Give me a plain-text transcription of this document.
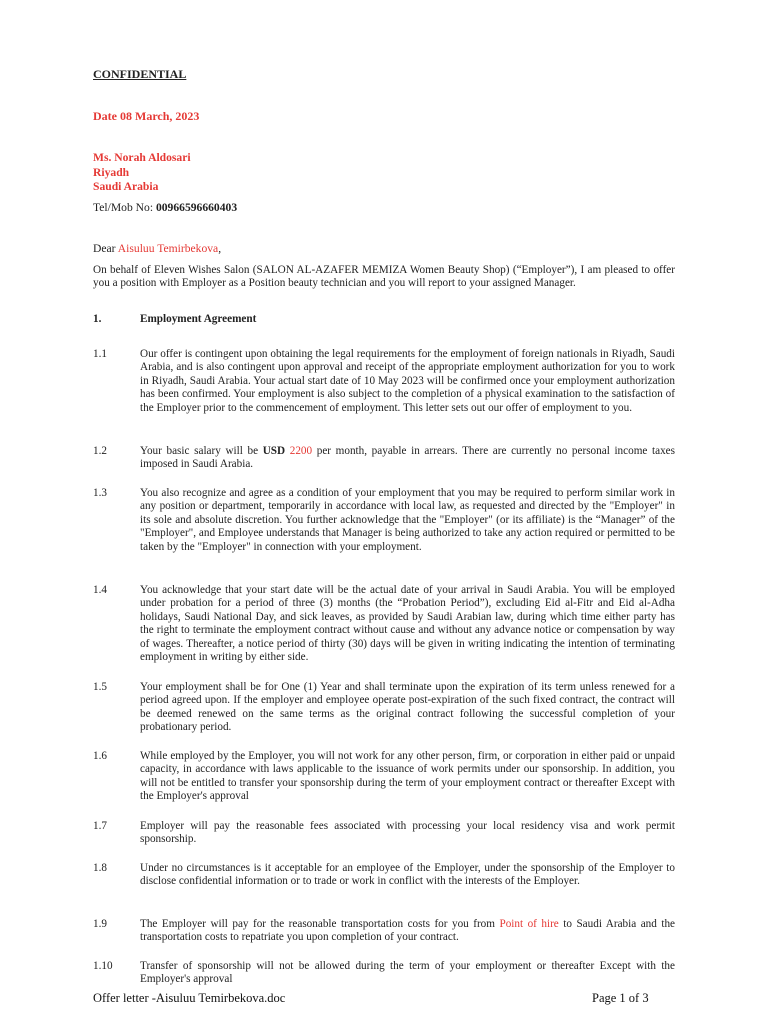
CONFIDENTIAL
Date 08 March, 2023
Ms. Norah Aldosari
Riyadh
Saudi Arabia
Tel/Mob No: 00966596660403
Dear Aisuluu Temirbekova,
On behalf of Eleven Wishes Salon (SALON AL-AZAFER MEMIZA Women Beauty Shop) (“Employer”), I am pleased to offer you a position with Employer as a Position beauty technician and you will report to your assigned Manager.
1.	Employment Agreement
1.1	Our offer is contingent upon obtaining the legal requirements for the employment of foreign nationals in Riyadh, Saudi Arabia, and is also contingent upon approval and receipt of the appropriate employment authorization for you to work in Riyadh, Saudi Arabia. Your actual start date of 10 May 2023 will be confirmed once your employment authorization has been confirmed. Your employment is also subject to the completion of a physical examination to the satisfaction of the Employer prior to the commencement of employment. This letter sets out our offer of employment to you.
1.2	Your basic salary will be USD 2200 per month, payable in arrears. There are currently no personal income taxes imposed in Saudi Arabia.
1.3	You also recognize and agree as a condition of your employment that you may be required to perform similar work in any position or department, temporarily in accordance with local law, as requested and directed by the "Employer" in its sole and absolute discretion. You further acknowledge that the "Employer" (or its affiliate) is the “Manager” of the "Employer", and Employee understands that Manager is being authorized to take any action required or permitted to be taken by the "Employer" in connection with your employment.
1.4	You acknowledge that your start date will be the actual date of your arrival in Saudi Arabia. You will be employed under probation for a period of three (3) months (the “Probation Period”), excluding Eid al-Fitr and Eid al-Adha holidays, Saudi National Day, and sick leaves, as provided by Saudi Arabian law, during which time either party has the right to terminate the employment contract without cause and without any advance notice or compensation by way of wages. Thereafter, a notice period of thirty (30) days will be given in writing indicating the intention of terminating employment in writing by either side.
1.5	Your employment shall be for One (1) Year and shall terminate upon the expiration of its term unless renewed for a period agreed upon. If the employer and employee operate post-expiration of the such fixed contract, the contract will be deemed renewed on the same terms as the original contract following the successful completion of your probationary period.
1.6	While employed by the Employer, you will not work for any other person, firm, or corporation in either paid or unpaid capacity, in accordance with laws applicable to the issuance of work permits under our sponsorship. In addition, you will not be entitled to transfer your sponsorship during the term of your employment contract or thereafter Except with the Employer's approval
1.7	Employer will pay the reasonable fees associated with processing your local residency visa and work permit sponsorship.
1.8	Under no circumstances is it acceptable for an employee of the Employer, under the sponsorship of the Employer to disclose confidential information or to trade or work in conflict with the interests of the Employer.
1.9	The Employer will pay for the reasonable transportation costs for you from Point of hire to Saudi Arabia and the transportation costs to repatriate you upon completion of your contract.
1.10	Transfer of sponsorship will not be allowed during the term of your employment or thereafter Except with the Employer's approval
Offer letter -Aisuluu Temirbekova.doc	Page 1 of 3
